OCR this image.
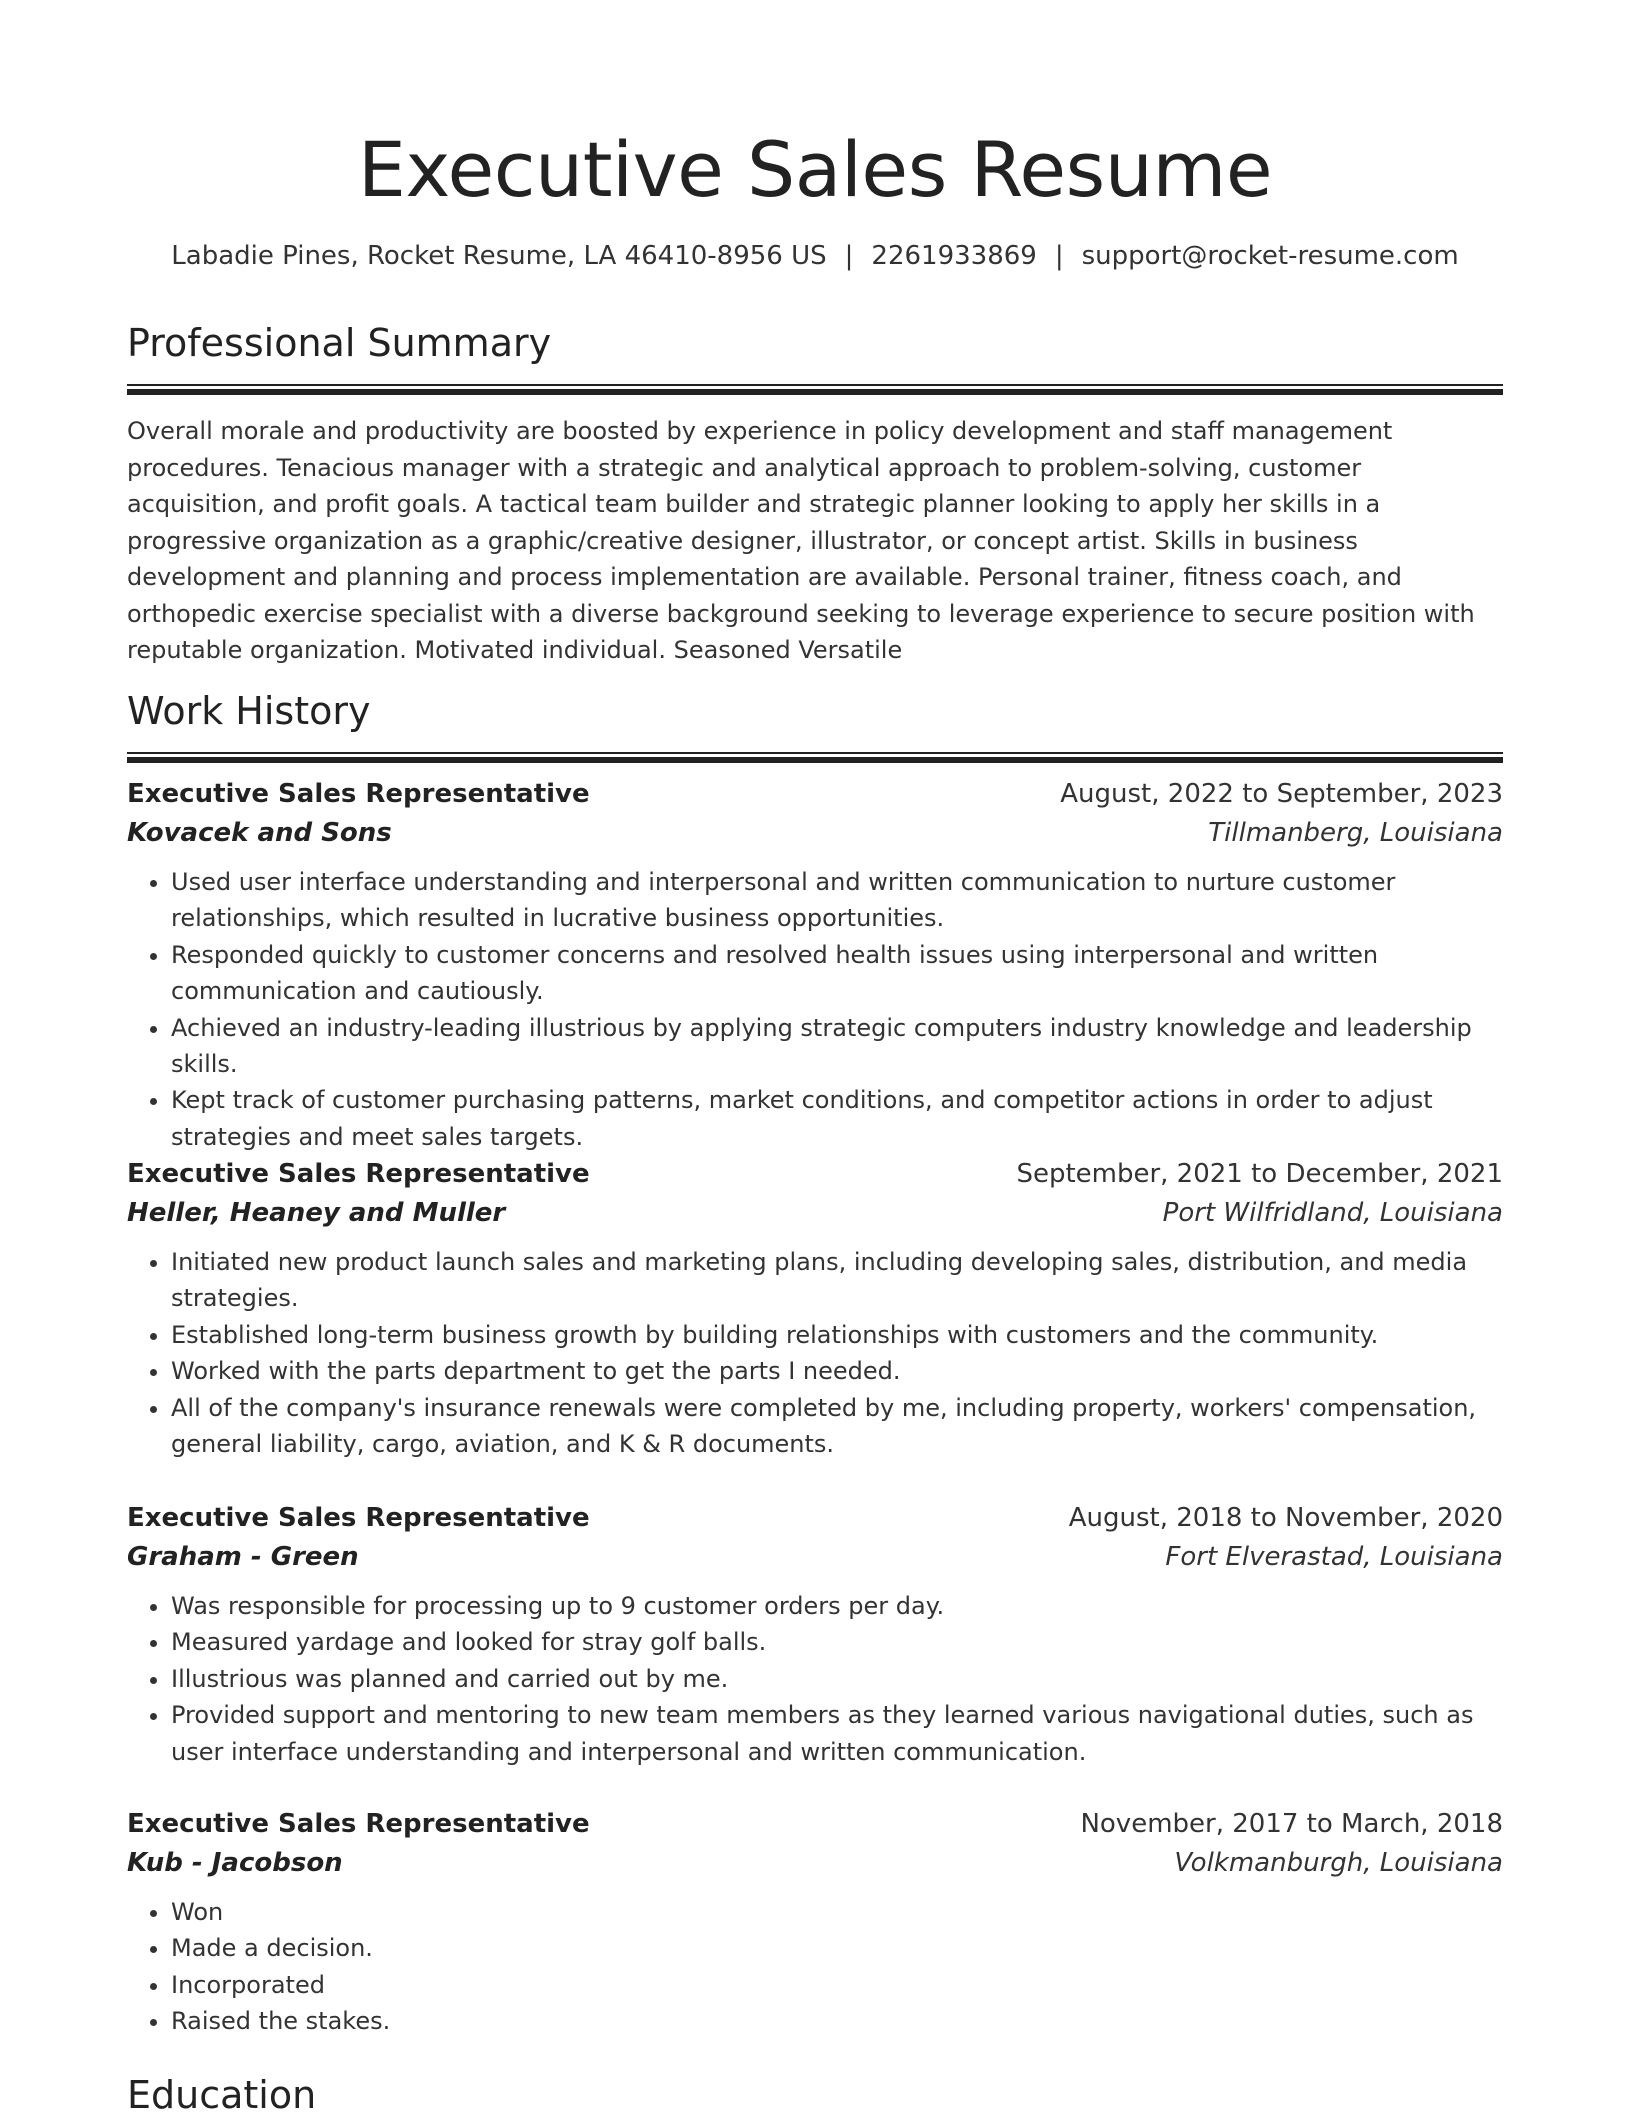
Executive Sales Resume
Labadie Pines, Rocket Resume, LA 46410-8956 US | 2261933869 | support@rocket-resume.com
Professional Summary
Overall morale and productivity are boosted by experience in policy development and staff management procedures. Tenacious manager with a strategic and analytical approach to problem-solving, customer acquisition, and profit goals. A tactical team builder and strategic planner looking to apply her skills in a progressive organization as a graphic/creative designer, illustrator, or concept artist. Skills in business development and planning and process implementation are available. Personal trainer, fitness coach, and orthopedic exercise specialist with a diverse background seeking to leverage experience to secure position with reputable organization. Motivated individual. Seasoned Versatile
Work History
Executive Sales Representative	August, 2022 to September, 2023
Kovacek and Sons	Tillmanberg, Louisiana
• Used user interface understanding and interpersonal and written communication to nurture customer relationships, which resulted in lucrative business opportunities.
• Responded quickly to customer concerns and resolved health issues using interpersonal and written communication and cautiously.
• Achieved an industry-leading illustrious by applying strategic computers industry knowledge and leadership skills.
• Kept track of customer purchasing patterns, market conditions, and competitor actions in order to adjust strategies and meet sales targets.
Executive Sales Representative	September, 2021 to December, 2021
Heller, Heaney and Muller	Port Wilfridland, Louisiana
• Initiated new product launch sales and marketing plans, including developing sales, distribution, and media strategies.
• Established long-term business growth by building relationships with customers and the community.
• Worked with the parts department to get the parts I needed.
• All of the company's insurance renewals were completed by me, including property, workers' compensation, general liability, cargo, aviation, and K & R documents.
Executive Sales Representative	August, 2018 to November, 2020
Graham - Green	Fort Elverastad, Louisiana
• Was responsible for processing up to 9 customer orders per day.
• Measured yardage and looked for stray golf balls.
• Illustrious was planned and carried out by me.
• Provided support and mentoring to new team members as they learned various navigational duties, such as user interface understanding and interpersonal and written communication.
Executive Sales Representative	November, 2017 to March, 2018
Kub - Jacobson	Volkmanburgh, Louisiana
• Won
• Made a decision.
• Incorporated
• Raised the stakes.
Education
